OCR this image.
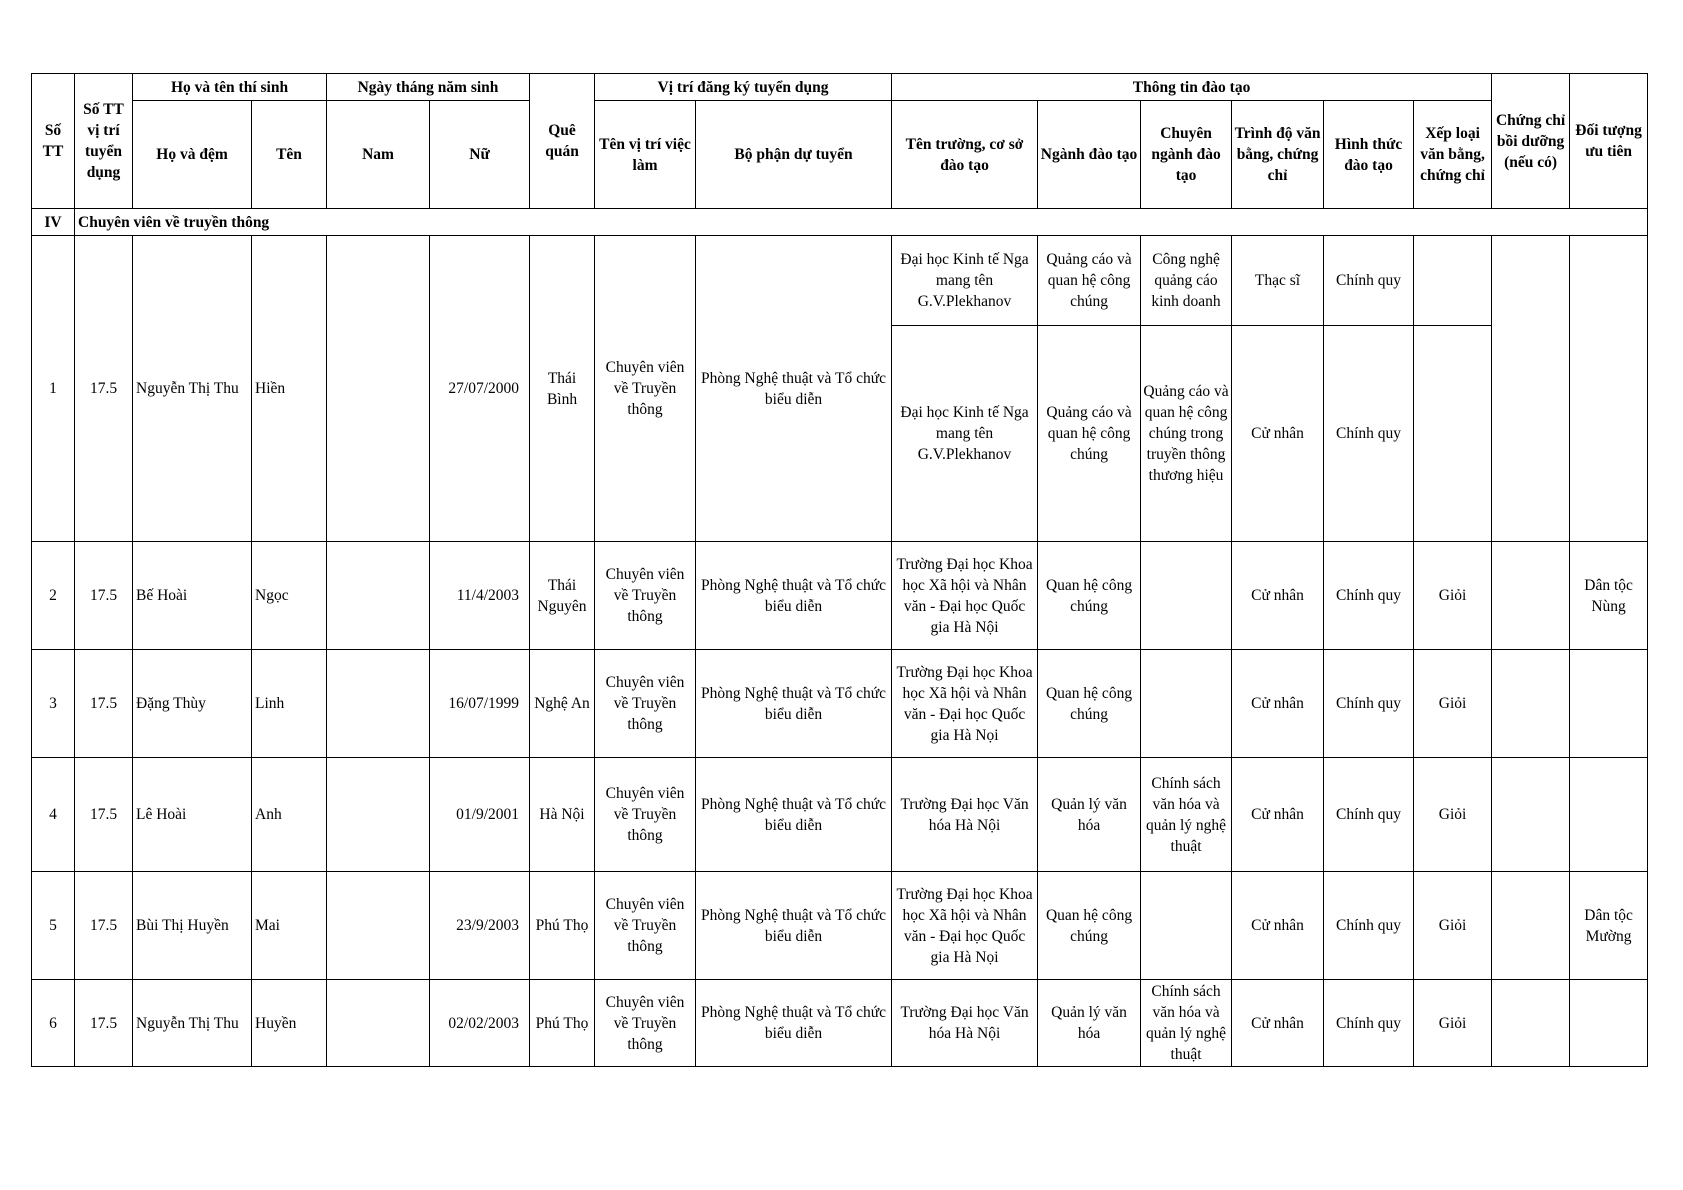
Số TT	Số TT vị trí tuyển dụng	Họ và tên thí sinh		Ngày tháng năm sinh		Quê quán	Vị trí đăng ký tuyển dụng		Thông tin đào tạo						Chứng chỉ bồi dưỡng (nếu có)	Đối tượng ưu tiên
		Họ và đệm	Tên	Nam	Nữ		Tên vị trí việc làm	Bộ phận dự tuyển	Tên trường, cơ sở đào tạo	Ngành đào tạo	Chuyên ngành đào tạo	Trình độ văn bằng, chứng chỉ	Hình thức đào tạo	Xếp loại văn bằng, chứng chỉ		
IV	Chuyên viên về truyền thông															
1	17.5	Nguyễn Thị Thu	Hiền		27/07/2000	Thái Bình	Chuyên viên về Truyền thông	Phòng Nghệ thuật và Tổ chức biểu diễn	Đại học Kinh tế Nga mang tên G.V.Plekhanov	Quảng cáo và quan hệ công chúng	Công nghệ quảng cáo kinh doanh	Thạc sĩ	Chính quy			
									Đại học Kinh tế Nga mang tên G.V.Plekhanov	Quảng cáo và quan hệ công chúng	Quảng cáo và quan hệ công chúng trong truyền thông thương hiệu	Cử nhân	Chính quy			
2	17.5	Bế Hoài	Ngọc		11/4/2003	Thái Nguyên	Chuyên viên về Truyền thông	Phòng Nghệ thuật và Tổ chức biểu diễn	Trường Đại học Khoa học Xã hội và Nhân văn - Đại học Quốc gia Hà Nội	Quan hệ công chúng		Cử nhân	Chính quy	Giỏi		Dân tộc Nùng
3	17.5	Đặng Thùy	Linh		16/07/1999	Nghệ An	Chuyên viên về Truyền thông	Phòng Nghệ thuật và Tổ chức biểu diễn	Trường Đại học Khoa học Xã hội và Nhân văn - Đại học Quốc gia Hà Nọi	Quan hệ công chúng		Cử nhân	Chính quy	Giỏi		
4	17.5	Lê Hoài	Anh		01/9/2001	Hà Nội	Chuyên viên về Truyền thông	Phòng Nghệ thuật và Tổ chức biểu diễn	Trường Đại học Văn hóa Hà Nội	Quản lý văn hóa	Chính sách văn hóa và quản lý nghệ thuật	Cử nhân	Chính quy	Giỏi		
5	17.5	Bùi Thị Huyền	Mai		23/9/2003	Phú Thọ	Chuyên viên về Truyền thông	Phòng Nghệ thuật và Tổ chức biểu diễn	Trường Đại học Khoa học Xã hội và Nhân văn - Đại học Quốc gia Hà Nọi	Quan hệ công chúng		Cử nhân	Chính quy	Giỏi		Dân tộc Mường
6	17.5	Nguyễn Thị Thu	Huyền		02/02/2003	Phú Thọ	Chuyên viên về Truyền thông	Phòng Nghệ thuật và Tổ chức biểu diễn	Trường Đại học Văn hóa Hà Nội	Quản lý văn hóa	Chính sách văn hóa và quản lý nghệ thuật	Cử nhân	Chính quy	Giỏi		
